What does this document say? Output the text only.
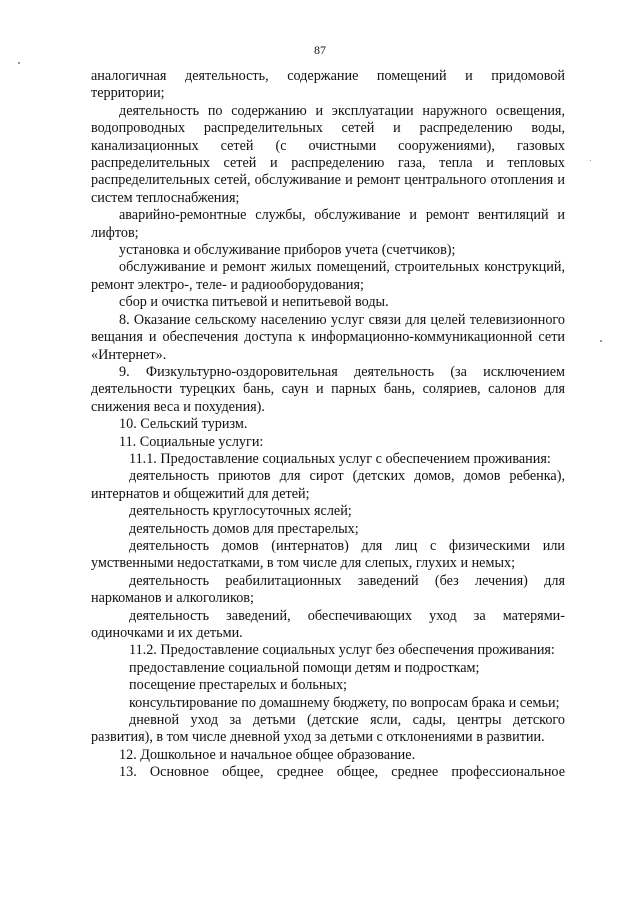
87

аналогичная деятельность, содержание помещений и придомовой территории;

деятельность по содержанию и эксплуатации наружного освещения, водопроводных распределительных сетей и распределению воды, канализационных сетей (с очистными сооружениями), газовых распределительных сетей и распределению газа, тепла и тепловых распределительных сетей, обслуживание и ремонт центрального отопления и систем теплоснабжения;

аварийно-ремонтные службы, обслуживание и ремонт вентиляций и лифтов;

установка и обслуживание приборов учета (счетчиков);

обслуживание и ремонт жилых помещений, строительных конструкций, ремонт электро-, теле- и радиооборудования;

сбор и очистка питьевой и непитьевой воды.

8. Оказание сельскому населению услуг связи для целей телевизионного вещания и обеспечения доступа к информационно-коммуникационной сети «Интернет».

9. Физкультурно-оздоровительная деятельность (за исключением деятельности турецких бань, саун и парных бань, соляриев, салонов для снижения веса и похудения).

10. Сельский туризм.

11. Социальные услуги:

11.1. Предоставление социальных услуг с обеспечением проживания:

деятельность приютов для сирот (детских домов, домов ребенка), интернатов и общежитий для детей;

деятельность круглосуточных яслей;

деятельность домов для престарелых;

деятельность домов (интернатов) для лиц с физическими или умственными недостатками, в том числе для слепых, глухих и немых;

деятельность реабилитационных заведений (без лечения) для наркоманов и алкоголиков;

деятельность заведений, обеспечивающих уход за матерями-одиночками и их детьми.

11.2. Предоставление социальных услуг без обеспечения проживания:

предоставление социальной помощи детям и подросткам;

посещение престарелых и больных;

консультирование по домашнему бюджету, по вопросам брака и семьи;

дневной уход за детьми (детские ясли, сады, центры детского развития), в том числе дневной уход за детьми с отклонениями в развитии.

12. Дошкольное и начальное общее образование.

13. Основное общее, среднее общее, среднее профессиональное
